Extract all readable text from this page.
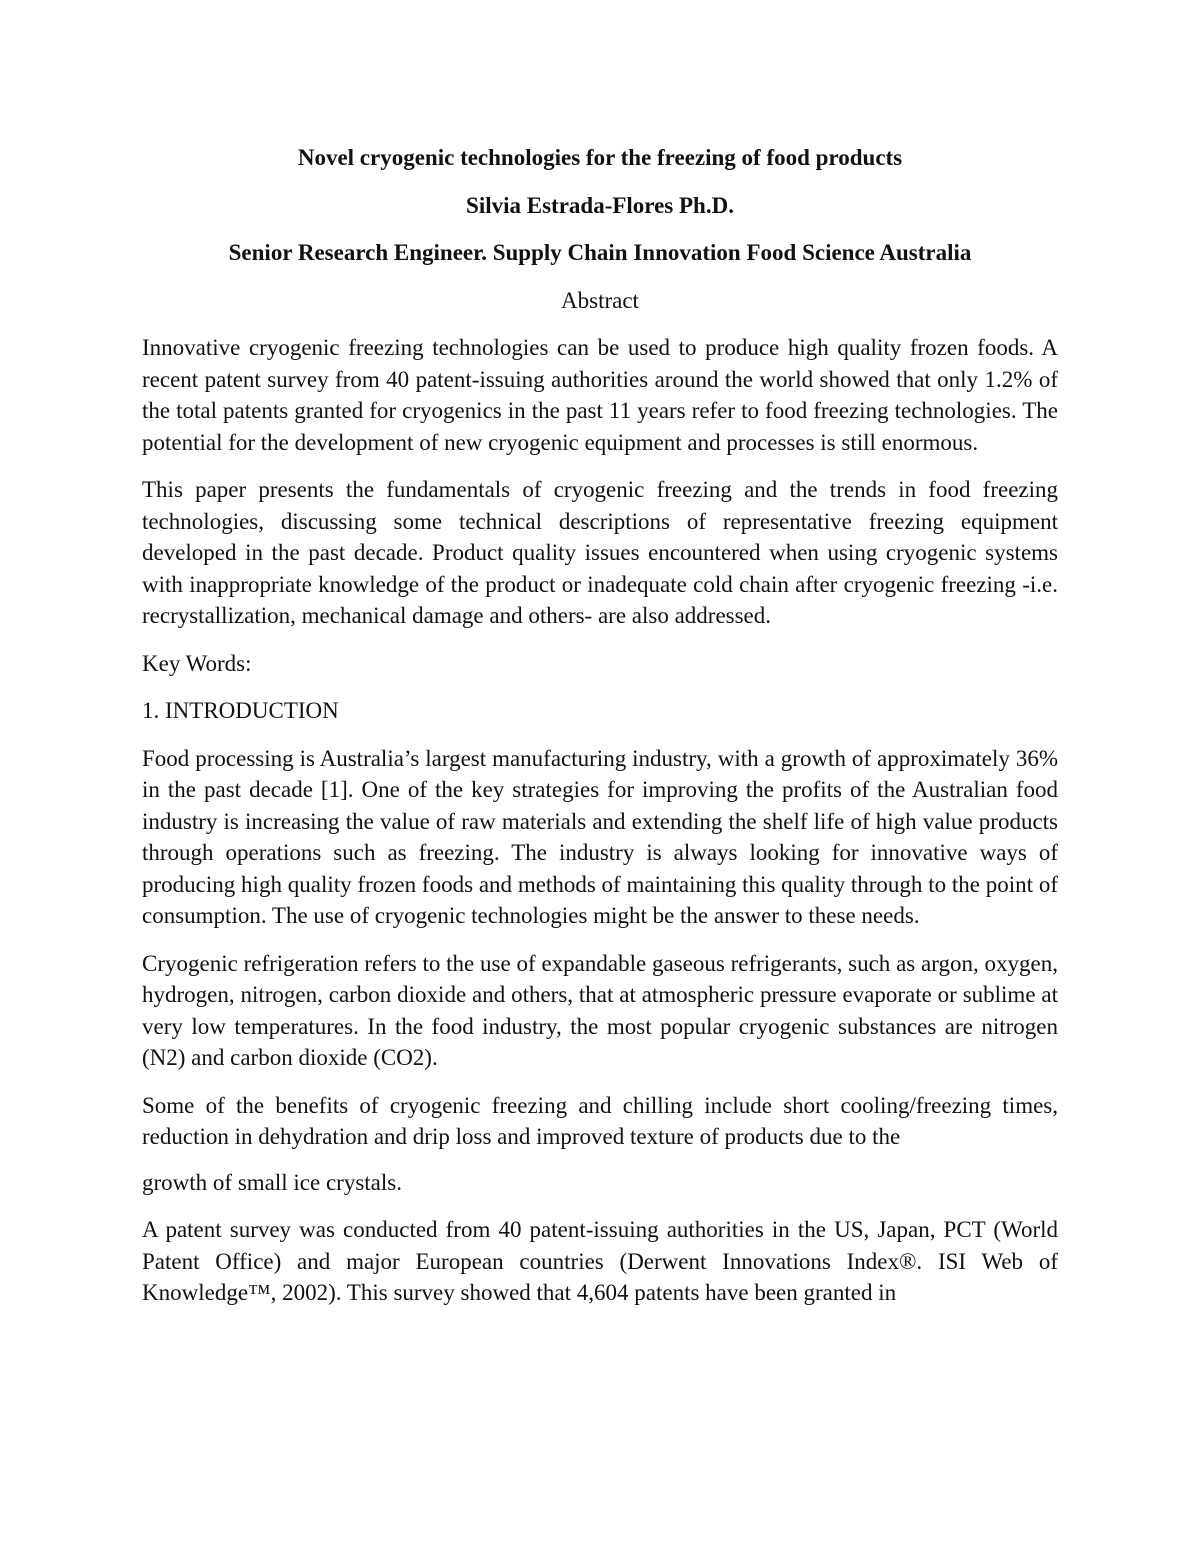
Novel cryogenic technologies for the freezing of food products
Silvia Estrada-Flores Ph.D.
Senior Research Engineer. Supply Chain Innovation Food Science Australia
Abstract

Innovative cryogenic freezing technologies can be used to produce high quality frozen foods. A recent patent survey from 40 patent-issuing authorities around the world showed that only 1.2% of the total patents granted for cryogenics in the past 11 years refer to food freezing technologies. The potential for the development of new cryogenic equipment and processes is still enormous.

This paper presents the fundamentals of cryogenic freezing and the trends in food freezing technologies, discussing some technical descriptions of representative freezing equipment developed in the past decade. Product quality issues encountered when using cryogenic systems with inappropriate knowledge of the product or inadequate cold chain after cryogenic freezing -i.e. recrystallization, mechanical damage and others- are also addressed.

Key Words:

1. INTRODUCTION

Food processing is Australia’s largest manufacturing industry, with a growth of approximately 36% in the past decade [1]. One of the key strategies for improving the profits of the Australian food industry is increasing the value of raw materials and extending the shelf life of high value products through operations such as freezing. The industry is always looking for innovative ways of producing high quality frozen foods and methods of maintaining this quality through to the point of consumption. The use of cryogenic technologies might be the answer to these needs.

Cryogenic refrigeration refers to the use of expandable gaseous refrigerants, such as argon, oxygen, hydrogen, nitrogen, carbon dioxide and others, that at atmospheric pressure evaporate or sublime at very low temperatures. In the food industry, the most popular cryogenic substances are nitrogen (N2) and carbon dioxide (CO2).

Some of the benefits of cryogenic freezing and chilling include short cooling/freezing times, reduction in dehydration and drip loss and improved texture of products due to the

growth of small ice crystals.

A patent survey was conducted from 40 patent-issuing authorities in the US, Japan, PCT (World Patent Office) and major European countries (Derwent Innovations Index®. ISI Web of Knowledge™, 2002). This survey showed that 4,604 patents have been granted in
